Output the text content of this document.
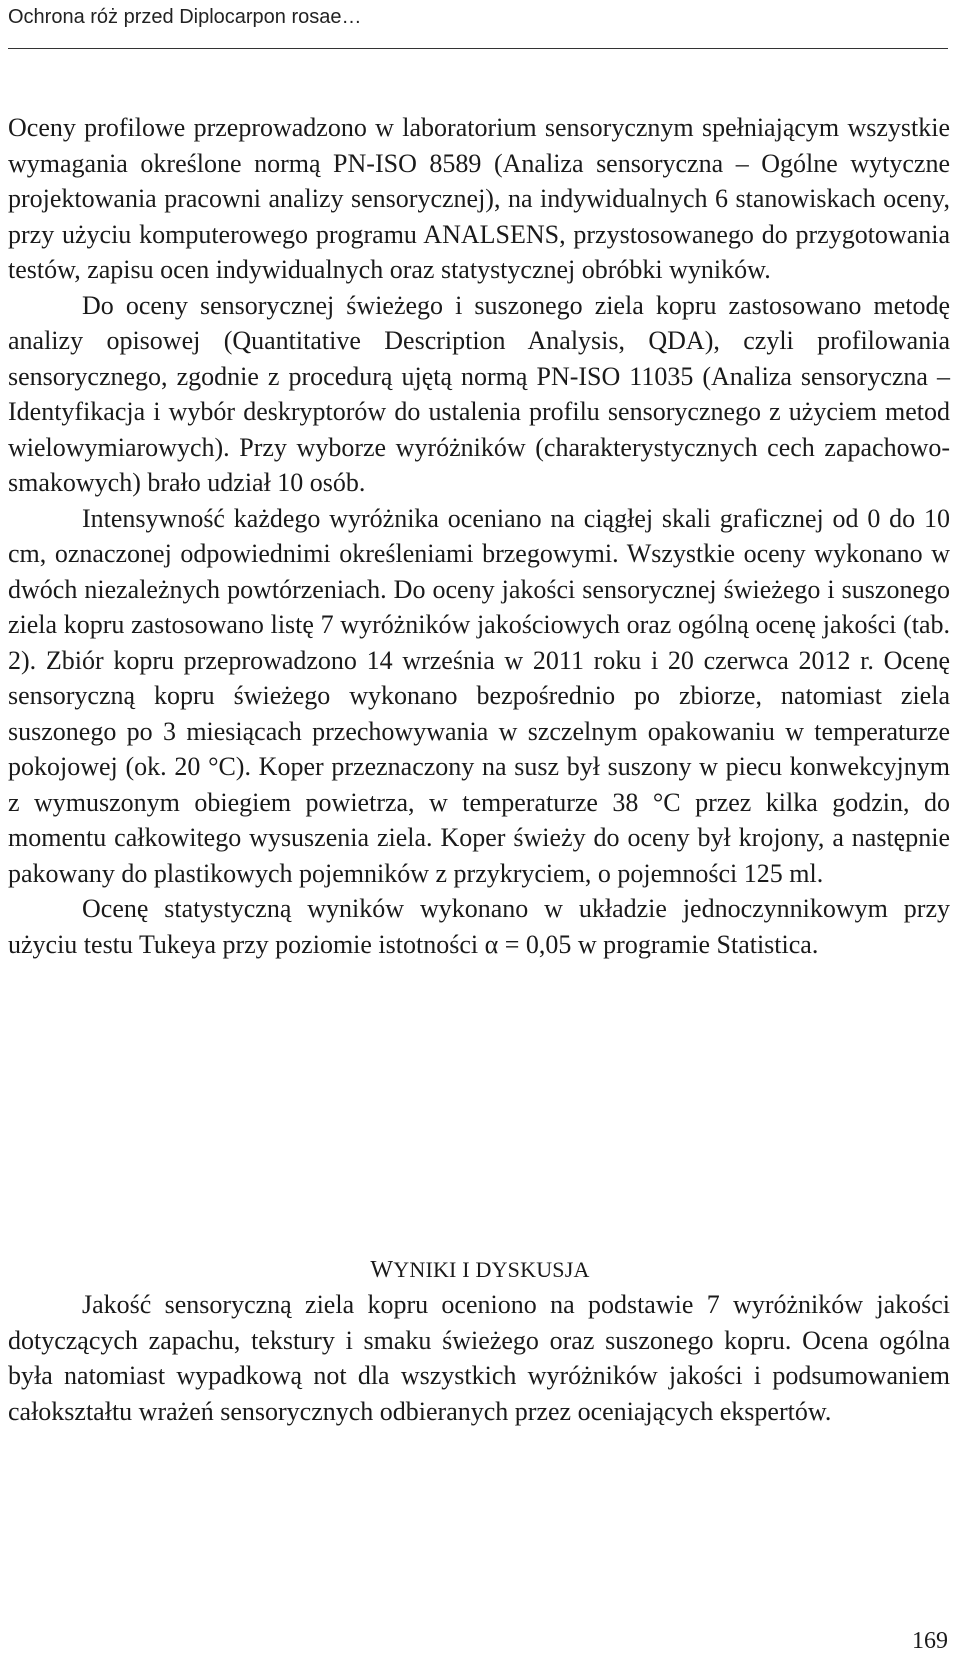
Ochrona róż przed Diplocarpon rosae…

Oceny profilowe przeprowadzono w laboratorium sensorycznym spełniającym wszystkie wymagania określone normą PN-ISO 8589 (Analiza sensoryczna – Ogólne wytyczne projektowania pracowni analizy sensorycznej), na indywidualnych 6 stanowiskach oceny, przy użyciu komputerowego programu ANALSENS, przystosowanego do przygotowania testów, zapisu ocen indywidualnych oraz statystycznej obróbki wyników.

Do oceny sensorycznej świeżego i suszonego ziela kopru zastosowano metodę analizy opisowej (Quantitative Description Analysis, QDA), czyli profilowania sensorycznego, zgodnie z procedurą ujętą normą PN-ISO 11035 (Analiza sensoryczna – Identyfikacja i wybór deskryptorów do ustalenia profilu sensorycznego z użyciem metod wielowymiarowych). Przy wyborze wyróżników (charakterystycznych cech zapachowo-smakowych) brało udział 10 osób.

Intensywność każdego wyróżnika oceniano na ciągłej skali graficznej od 0 do 10 cm, oznaczonej odpowiednimi określeniami brzegowymi. Wszystkie oceny wykonano w dwóch niezależnych powtórzeniach. Do oceny jakości sensorycznej świeżego i suszonego ziela kopru zastosowano listę 7 wyróżników jakościowych oraz ogólną ocenę jakości (tab. 2). Zbiór kopru przeprowadzono 14 września w 2011 roku i 20 czerwca 2012 r. Ocenę sensoryczną kopru świeżego wykonano bezpośrednio po zbiorze, natomiast ziela suszonego po 3 miesiącach przechowywania w szczelnym opakowaniu w temperaturze pokojowej (ok. 20 °C). Koper przeznaczony na susz był suszony w piecu konwekcyjnym z wymuszonym obiegiem powietrza, w temperaturze 38 °C przez kilka godzin, do momentu całkowitego wysuszenia ziela. Koper świeży do oceny był krojony, a następnie pakowany do plastikowych pojemników z przykryciem, o pojemności 125 ml.

Ocenę statystyczną wyników wykonano w układzie jednoczynnikowym przy użyciu testu Tukeya przy poziomie istotności α = 0,05 w programie Statistica.

WYNIKI I DYSKUSJA

Jakość sensoryczną ziela kopru oceniono na podstawie 7 wyróżników jakości dotyczących zapachu, tekstury i smaku świeżego oraz suszonego kopru. Ocena ogólna była natomiast wypadkową not dla wszystkich wyróżników jakości i podsumowaniem całokształtu wrażeń sensorycznych odbieranych przez oceniających ekspertów.

169
